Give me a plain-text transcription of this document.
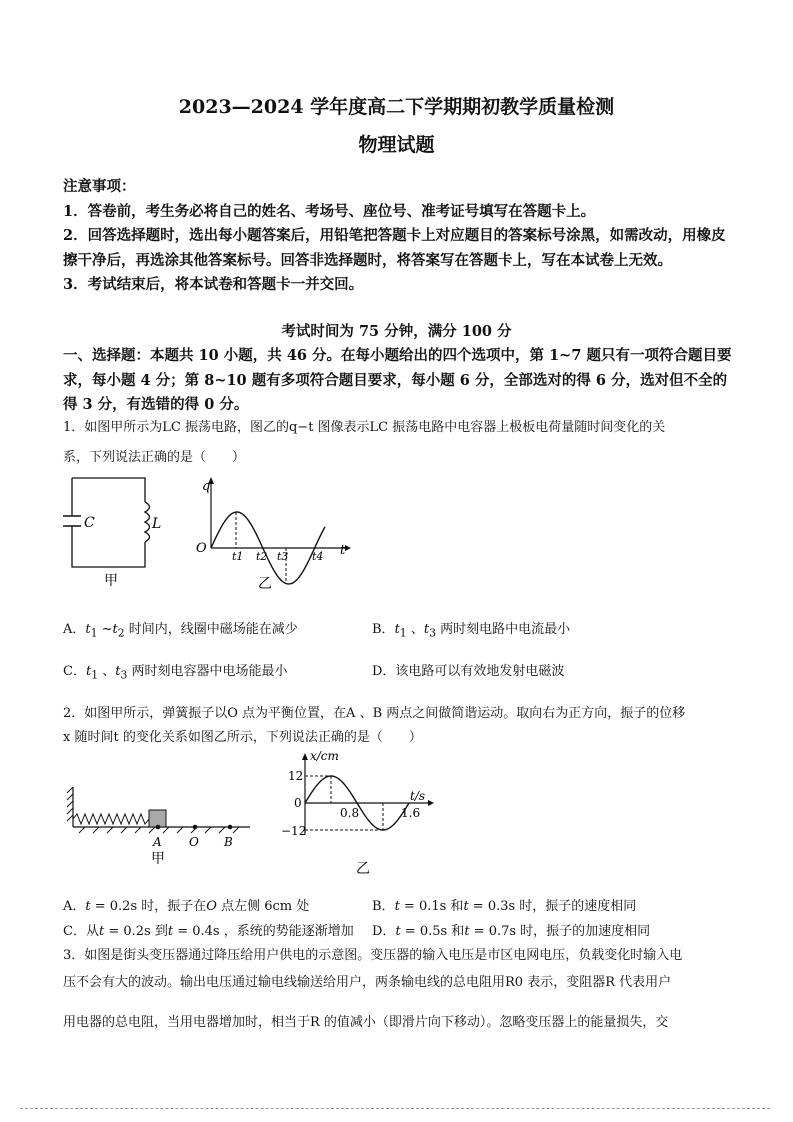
2023—2024 学年度高二下学期期初教学质量检测
物理试题

注意事项：

1．答卷前，考生务必将自己的姓名、考场号、座位号、准考证号填写在答题卡上。

2．回答选择题时，选出每小题答案后，用铅笔把答题卡上对应题目的答案标号涂黑，如需改动，用橡皮擦干净后，再选涂其他答案标号。回答非选择题时，将答案写在答题卡上，写在本试卷上无效。

3．考试结束后，将本试卷和答题卡一并交回。

考试时间为 75 分钟，满分 100 分
一、选择题：本题共 10 小题，共 46 分。在每小题给出的四个选项中，第 1~7 题只有一项符合题目要求，每小题 4 分；第 8~10 题有多项符合题目要求，每小题 6 分，全部选对的得 6 分，选对但不全的得 3 分，有选错的得 0 分。

1．如图甲所示为LC 振荡电路，图乙的q−t 图像表示LC 振荡电路中电容器上极板电荷量随时间变化的关

系，下列说法正确的是（　　）

C	L
甲
q
O	t
t1 t2 t3 t4
乙
A．$t_1$ $\sim t_2$ 时间内，线圈中磁场能在减少	B．$t_1$ 、$t_3$ 两时刻电路中电流最小
C．$t_1$ 、$t_3$ 两时刻电容器中电场能最小	D．该电路可以有效地发射电磁波

2．如图甲所示，弹簧振子以O 点为平衡位置，在A 、B 两点之间做简谐运动。取向右为正方向，振子的位移

x 随时间t 的变化关系如图乙所示，下列说法正确的是（　　）

A O B
甲
x/cm
t/s
12
0
−12
0.8	1.6
乙
A．t = 0.2s 时，振子在O 点左侧 6cm 处	B．t = 0.1s 和t = 0.3s 时，振子的速度相同
C．从t = 0.2s 到t = 0.4s ，系统的势能逐渐增加 D．t = 0.5s 和t = 0.7s 时，振子的加速度相同

3．如图是街头变压器通过降压给用户供电的示意图。变压器的输入电压是市区电网电压，负载变化时输入电

压不会有大的波动。输出电压通过输电线输送给用户，两条输电线的总电阻用R0 表示，变阻器R 代表用户

用电器的总电阻，当用电器增加时，相当于R 的值减小（即滑片向下移动）。忽略变压器上的能量损失，交
